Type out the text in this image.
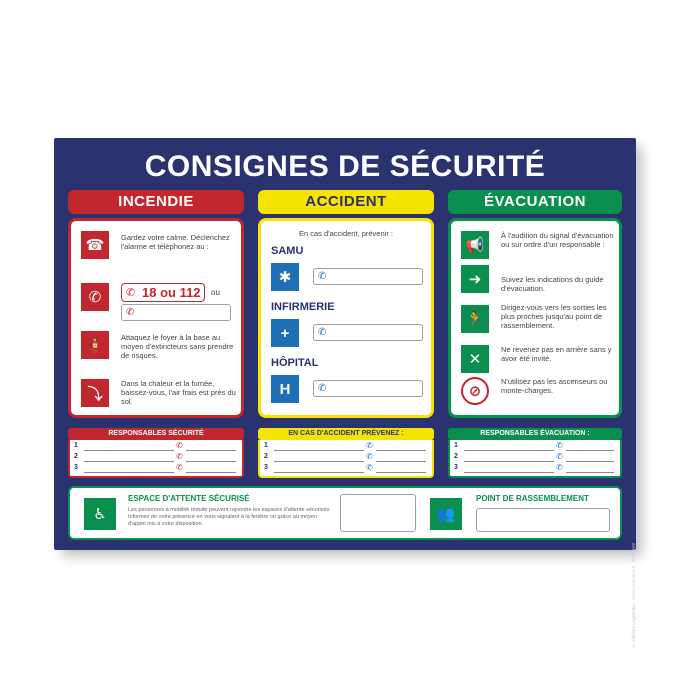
CONSIGNES DE SÉCURITÉ
INCENDIE	ACCIDENT	ÉVACUATION
☎	Gardez votre calme. Déclenchez l'alarme et téléphonez au :
✆ 18 ou 112 ou
✆
✆
🧯	Attaquez le foyer à la base au moyen d'extincteurs sans prendre de risques.
⤵
Dans la chaleur et la fumée, baissez-vous, l'air frais est près du sol.
En cas d'accident, prévenir :
SAMU
✱	✆
INFIRMERIE
+	✆
HÔPITAL
H	✆
📢
À l'audition du signal d'évacuation ou sur ordre d'un responsable :
➜	Suivez les indications du guide d'évacuation.
🏃
Dirigez-vous vers les sorties les plus proches jusqu'au point de rassemblement.
✕
Ne revenez pas en arrière sans y avoir été invité.
⊘
N'utilisez pas les ascenseurs ou monte-charges.
RESPONSABLES SÉCURITÉ	EN CAS D'ACCIDENT PRÉVENEZ :	RESPONSABLES ÉVACUATION :
1	✆
2	✆
3	✆
1	✆
2	✆
3	✆
1	✆
2	✆
3	✆
♿
ESPACE D'ATTENTE SÉCURISÉ
Les personnes à mobilité réduite peuvent rejoindre les espaces d'attente sécurisés. Informez de votre présence en vous signalant à la fenêtre ou grâce au moyen d'appel mis à votre disposition.
👥
POINT DE RASSEMBLEMENT
© Editions Legimedia - www.comertion.fr - AFF05V2
